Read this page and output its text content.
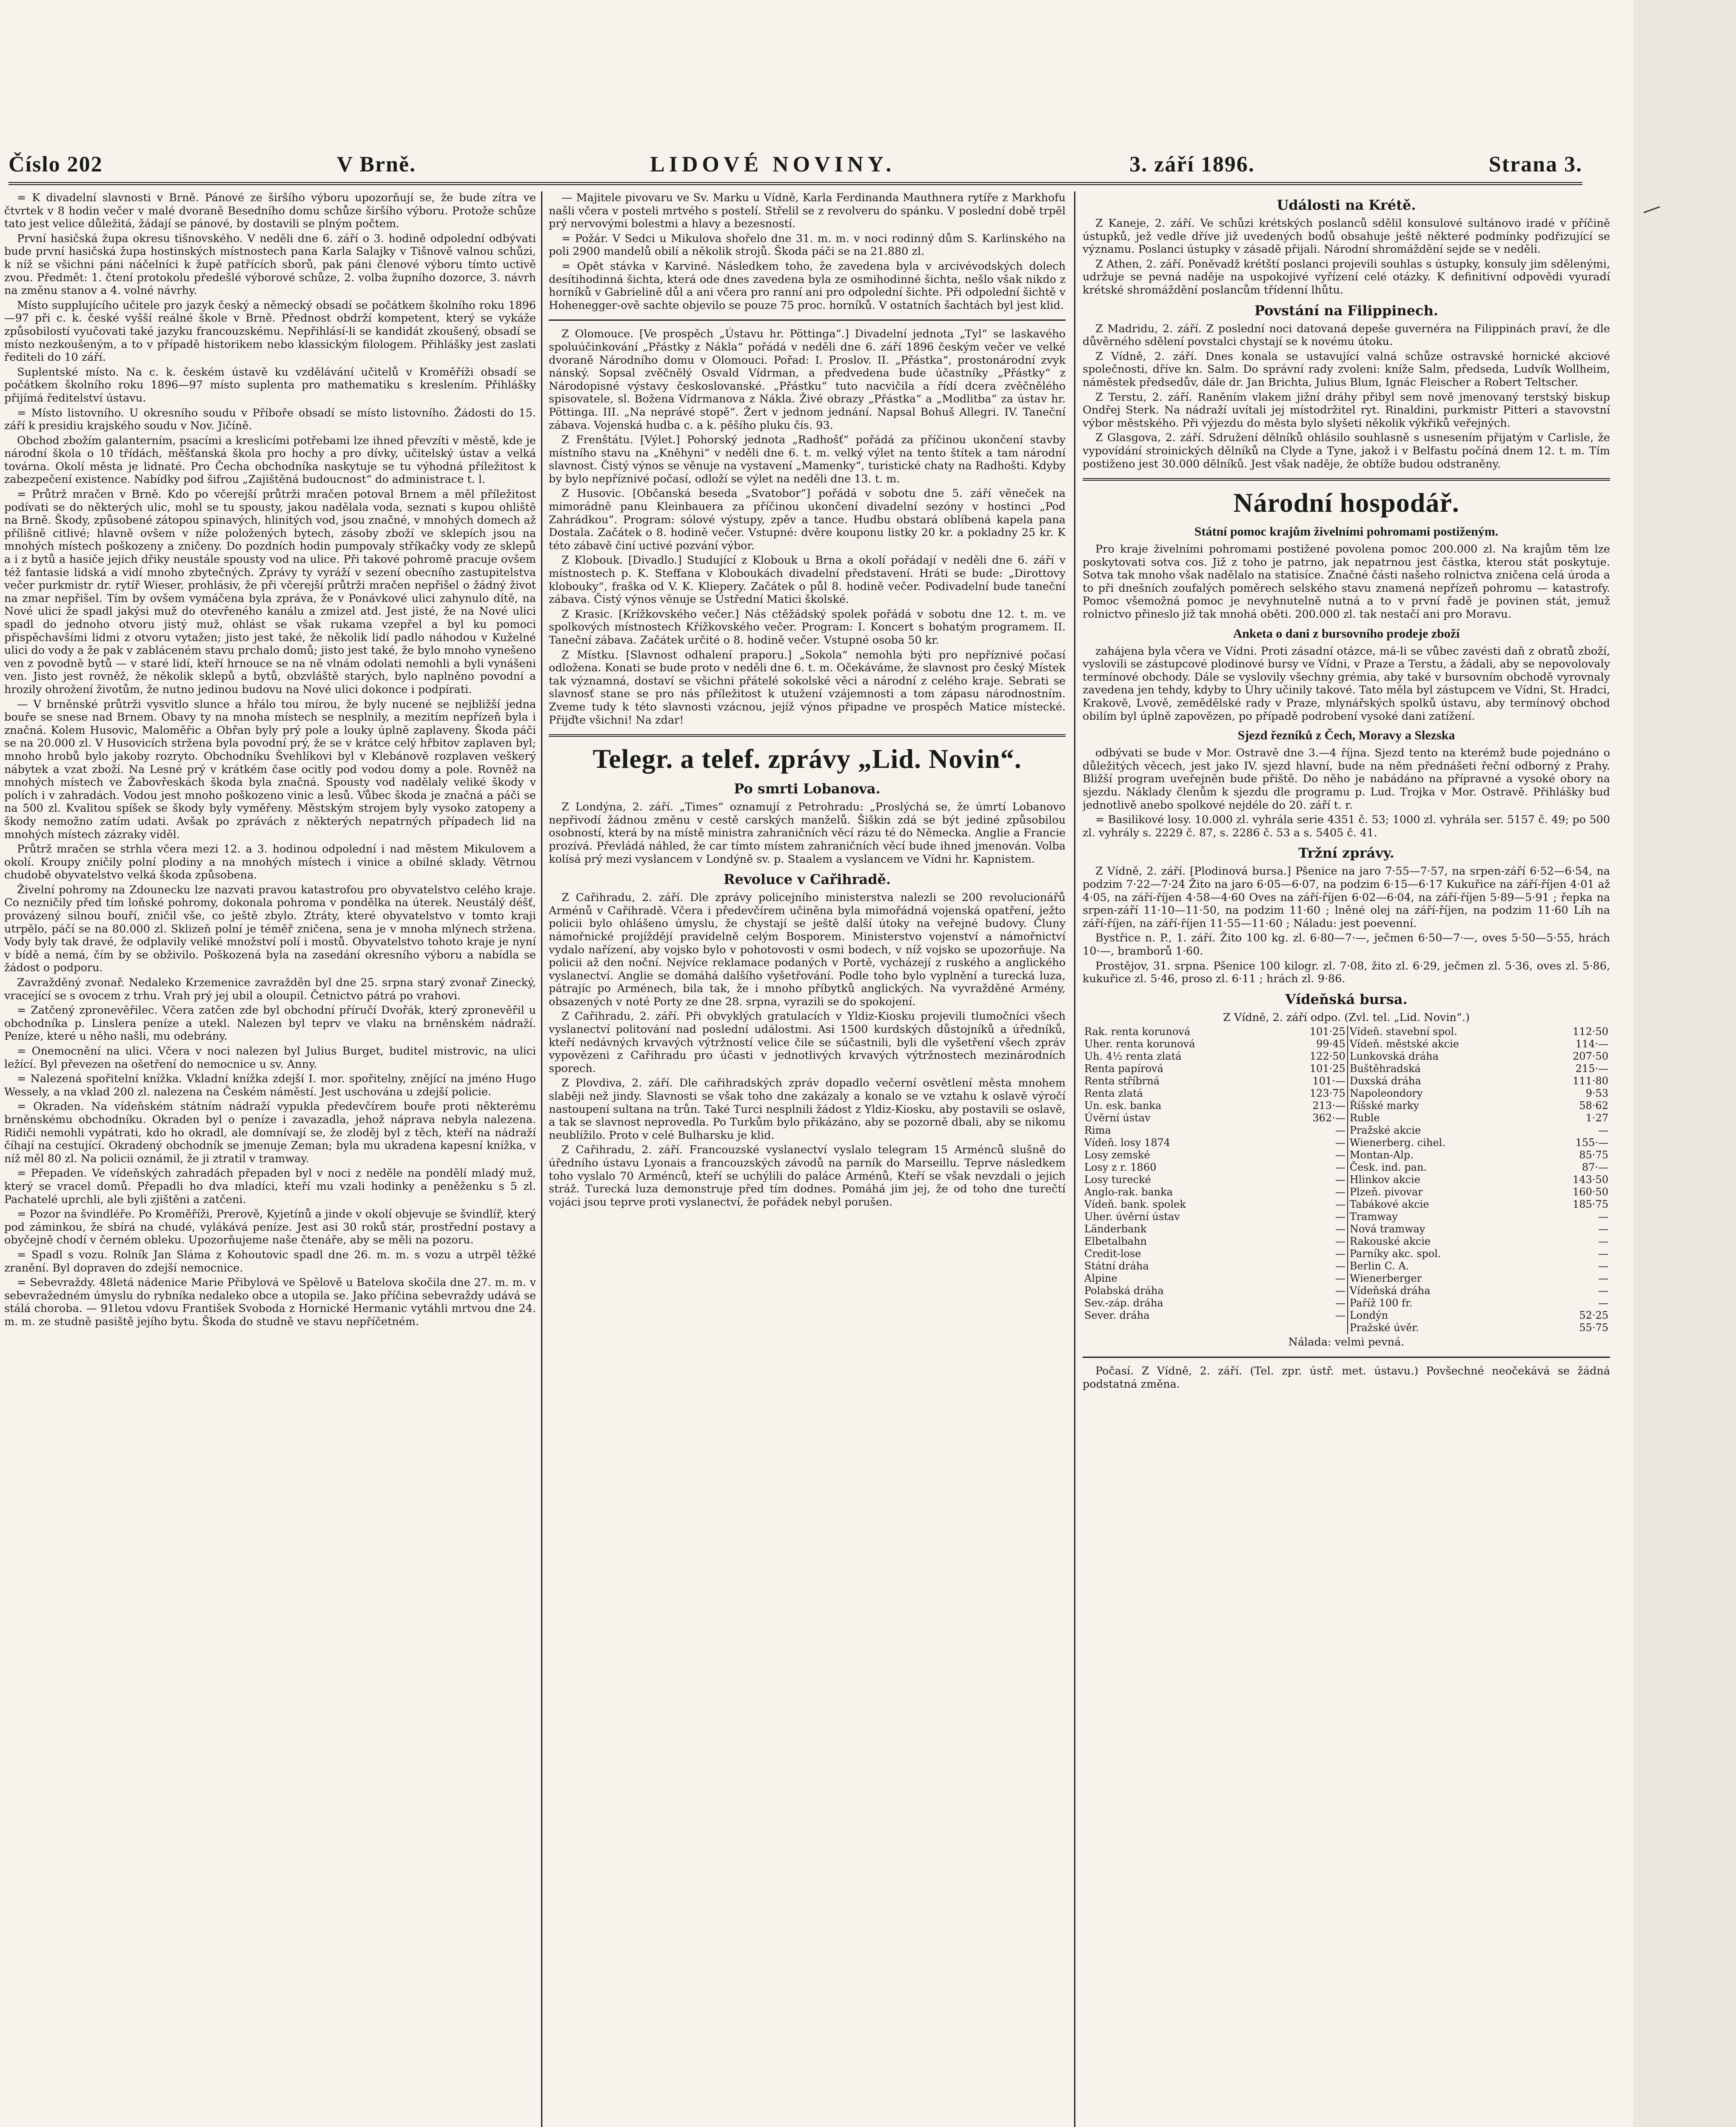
Číslo 202	V Brně.	LIDOVÉ NOVINY.	3. září 1896.	Strana 3.

= K divadelní slavnosti v Brně. Pánové ze širšího výboru upozorňují se, že bude zítra ve čtvrtek v 8 hodin večer v malé dvoraně Besedního domu schůze širšího výboru. Protože schůze tato jest velice důležitá, žádají se pánové, by dostavili se plným počtem.

První hasičská župa okresu tišnovského. V neděli dne 6. září o 3. hodině odpolední odbývati bude první hasičská župa hostinských místnostech pana Karla Salajky v Tišnově valnou schůzi, k níž se všichni páni náčelníci k župě patřících sborů, pak páni členové výboru tímto uctivě zvou. Předmět: 1. čtení protokolu předešlé výborové schůze, 2. volba župního dozorce, 3. návrh na změnu stanov a 4. volné návrhy.

Místo supplujícího učitele pro jazyk český a německý obsadí se počátkem školního roku 1896—97 při c. k. české vyšší reálné škole v Brně. Přednost obdrží kompetent, který se vykáže způsobilostí vyučovati také jazyku francouzskému. Nepřihlásí-li se kandidát zkoušený, obsadí se místo nezkoušeným, a to v případě historikem nebo klassickým filologem. Přihlášky jest zaslati řediteli do 10 září.

Suplentské místo. Na c. k. českém ústavě ku vzdělávání učitelů v Kroměříži obsadí se počátkem školního roku 1896—97 místo suplenta pro mathematiku s kreslením. Přihlášky přijímá ředitelství ústavu.

= Místo listovního. U okresního soudu v Příboře obsadí se místo listovního. Žádosti do 15. září k presidiu krajského soudu v Nov. Jičíně.

Obchod zbožím galanterním, psacími a kreslicími potřebami lze ihned převzíti v městě, kde je národní škola o 10 třídách, měšťanská škola pro hochy a pro dívky, učitelský ústav a velká továrna. Okolí města je lidnaté. Pro Čecha obchodníka naskytuje se tu výhodná příležitost k zabezpečení existence. Nabídky pod šifrou „Zajištěná budoucnost“ do administrace t. l.

= Průtrž mračen v Brně. Kdo po včerejší průtrži mračen potoval Brnem a měl příležitost podívati se do některých ulic, mohl se tu spousty, jakou nadělala voda, seznati s kupou ohliště na Brně. Škody, způsobené zátopou spinavých, hlinitých vod, jsou značné, v mnohých domech až přílišně citlivé; hlavně ovšem v níže položených bytech, zásoby zboží ve sklepích jsou na mnohých místech poškozeny a zničeny. Do pozdních hodin pumpovaly stříkačky vody ze sklepů a i z bytů a hasiče jejich dřiky neustále spousty vod na ulice. Při takové pohromě pracuje ovšem též fantasie lidská a vidí mnoho zbytečných. Zprávy ty vyráží v sezení obecního zastupitelstva večer purkmistr dr. rytíř Wieser, prohlásiv, že při včerejší průtrži mračen nepřišel o žádný život na zmar nepřišel. Tím by ovšem vymáčena byla zpráva, že v Ponávkové ulici zahynulo dítě, na Nové ulici že spadl jakýsi muž do otevřeného kanálu a zmizel atd. Jest jisté, že na Nové ulici spadl do jednoho otvoru jistý muž, ohlást se však rukama vzepřel a byl ku pomoci přispěchavšími lidmi z otvoru vytažen; jisto jest také, že několik lidí padlo náhodou v Kuželné ulici do vody a že pak v zabláceném stavu prchalo domů; jisto jest také, že bylo mnoho vynešeno ven z povodně bytů — v staré lidí, kteří hrnouce se na ně vlnám odolati nemohli a byli vynášeni ven. Jisto jest rovněž, že několik sklepů a bytů, obzvláště starých, bylo naplněno povodní a hrozily ohrožení životům, že nutno jedinou budovu na Nové ulici dokonce i podpírati.

— V brněnské průtrži vysvitlo slunce a hřálo tou mírou, že byly nucené se nejbližší jedna bouře se snese nad Brnem. Obavy ty na mnoha místech se nesplnily, a mezitím nepřízeň byla i značná. Kolem Husovic, Maloměřic a Obřan byly prý pole a louky úplně zaplaveny. Škoda páči se na 20.000 zl. V Husovicích stržena byla povodní prý, že se v krátce celý hřbitov zaplaven byl; mnoho hrobů bylo jakoby rozryto. Obchodníku Švehlíkovi byl v Klebánově rozplaven veškerý nábytek a vzat zboží. Na Lesné prý v krátkém čase ocitly pod vodou domy a pole. Rovněž na mnohých místech ve Žabovřeskách škoda byla značná. Spousty vod nadělaly veliké škody v polích i v zahradách. Vodou jest mnoho poškozeno vinic a lesů. Vůbec škoda je značná a páči se na 500 zl. Kvalitou spíšek se škody byly vyměřeny. Městským strojem byly vysoko zatopeny a škody nemožno zatím udati. Avšak po zprávách z některých nepatrných případech lid na mnohých místech zázraky viděl.

Průtrž mračen se strhla včera mezi 12. a 3. hodinou odpolední i nad městem Mikulovem a okolí. Kroupy zničily polní plodiny a na mnohých místech i vinice a obilné sklady. Větrnou chudobě obyvatelstvo velká škoda způsobena.

Živelní pohromy na Zdounecku lze nazvati pravou katastrofou pro obyvatelstvo celého kraje. Co nezničily před tím loňské pohromy, dokonala pohroma v pondělka na úterek. Neustálý déšť, provázený silnou bouří, zničil vše, co ještě zbylo. Ztráty, které obyvatelstvo v tomto kraji utrpělo, páčí se na 80.000 zl. Sklizeň polní je téměř zničena, sena je v mnoha mlýnech stržena. Vody byly tak dravé, že odplavily veliké množství polí i mostů. Obyvatelstvo tohoto kraje je nyní v bídě a nemá, čím by se obživilo. Poškozená byla na zasedání okresního výboru a nabídla se žádost o podporu.

Zavražděný zvonař. Nedaleko Krzemenice zavražděn byl dne 25. srpna starý zvonař Zinecký, vracející se s ovocem z trhu. Vrah prý jej ubil a oloupil. Četnictvo pátrá po vrahovi.

= Zatčený zpronevěřilec. Včera zatčen zde byl obchodní příručí Dvořák, který zpronevěřil u obchodníka p. Linslera peníze a utekl. Nalezen byl teprv ve vlaku na brněnském nádraží. Peníze, které u něho našli, mu odebrány.

= Onemocnění na ulici. Včera v noci nalezen byl Julius Burget, buditel mistrovic, na ulici ležící. Byl převezen na ošetření do nemocnice u sv. Anny.

= Nalezená spořitelní knížka. Vkladní knížka zdejší I. mor. spořitelny, znějící na jméno Hugo Wessely, a na vklad 200 zl. nalezena na Českém náměstí. Jest uschována u zdejší policie.

= Okraden. Na vídeňském státním nádraží vypukla předevčírem bouře proti některému brněnskému obchodníku. Okraden byl o peníze i zavazadla, jehož náprava nebyla nalezena. Ridiči nemohli vypátrati, kdo ho okradl, ale domnívají se, že zloděj byl z těch, kteří na nádraží číhají na cestující. Okradený obchodník se jmenuje Zeman; byla mu ukradena kapesní knížka, v níž měl 80 zl. Na policii oznámil, že ji ztratil v tramway.

= Přepaden. Ve vídeňských zahradách přepaden byl v noci z neděle na pondělí mladý muž, který se vracel domů. Přepadli ho dva mladíci, kteří mu vzali hodinky a peněženku s 5 zl. Pachatelé uprchli, ale byli zjištěni a zatčeni.

= Pozor na švindléře. Po Kroměříži, Prerově, Kyjetínů a jinde v okolí objevuje se švindlíř, který pod záminkou, že sbírá na chudé, vylákává peníze. Jest asi 30 roků stár, prostřední postavy a obyčejně chodí v černém obleku. Upozorňujeme naše čtenáře, aby se měli na pozoru.

= Spadl s vozu. Rolník Jan Sláma z Kohoutovic spadl dne 26. m. m. s vozu a utrpěl těžké zranění. Byl dopraven do zdejší nemocnice.

= Sebevraždy. 48letá nádenice Marie Přibylová ve Spělově u Batelova skočila dne 27. m. m. v sebevražedném úmyslu do rybníka nedaleko obce a utopila se. Jako příčina sebevraždy udává se stálá choroba. — 91letou vdovu František Svoboda z Hornické Hermanic vytáhli mrtvou dne 24. m. m. ze studně pasiště jejího bytu. Škoda do studně ve stavu nepříčetném.

— Majitele pivovaru ve Sv. Marku u Vídně, Karla Ferdinanda Mauthnera rytíře z Markhofu našli včera v posteli mrtvého s postelí. Střelil se z revolveru do spánku. V poslední době trpěl prý nervovými bolestmi a hlavy a bezesností.

= Požár. V Sedci u Mikulova shořelo dne 31. m. m. v noci rodinný dům S. Karlinského na poli 2900 mandelů obilí a několik strojů. Škoda páči se na 21.880 zl.

= Opět stávka v Karviné. Následkem toho, že zavedena byla v arcivévodských dolech desítihodinná šichta, která ode dnes zavedena byla ze osmihodinné šichta, nešlo však nikdo z horníků v Gabrielině důl a ani včera pro ranní ani pro odpolední šichte. Při odpolední šichtě v Hohenegger-ově sachte objevilo se pouze 75 proc. horníků. V ostatních šachtách byl jest klid.

Z Olomouce. [Ve prospěch „Ústavu hr. Pöttinga“.] Divadelní jednota „Tyl“ se laskavého spoluúčinkování „Přástky z Nákla“ pořádá v neděli dne 6. září 1896 českým večer ve velké dvoraně Národního domu v Olomouci. Pořad: I. Proslov. II. „Přástka“, prostonárodní zvyk nánský. Sopsal zvěčnělý Osvald Vídrman, a předvedena bude účastníky „Přástky“ z Národopisné výstavy českoslovanské. „Přástku“ tuto nacvičila a řídí dcera zvěčnělého spisovatele, sl. Božena Vídrmanova z Nákla. Živé obrazy „Přástka“ a „Modlitba“ za ústav hr. Pöttinga. III. „Na neprávé stopě“. Žert v jednom jednání. Napsal Bohuš Allegri. IV. Taneční zábava. Vojenská hudba c. a k. pěšího pluku čís. 93.

Z Frenštátu. [Výlet.] Pohorský jednota „Radhošť“ pořádá za příčinou ukončení stavby místního stavu na „Kněhyni“ v neděli dne 6. t. m. velký výlet na tento štítek a tam národní slavnost. Čistý výnos se věnuje na vystavení „Mamenky“, turistické chaty na Radhošti. Kdyby by bylo nepříznivé počasí, odloží se výlet na neděli dne 13. t. m.

Z Husovic. [Občanská beseda „Svatobor“] pořádá v sobotu dne 5. září věneček na mimorádně panu Kleinbauera za příčinou ukončení divadelní sezóny v hostinci „Pod Zahrádkou“. Program: sólové výstupy, zpěv a tance. Hudbu obstará oblíbená kapela pana Dostala. Začátek o 8. hodině večer. Vstupné: dvěre kouponu listky 20 kr. a pokladny 25 kr. K této zábavě činí uctivé pozvání výbor.

Z Klobouk. [Divadlo.] Studující z Klobouk u Brna a okolí pořádají v neděli dne 6. září v místnostech p. K. Steffana v Kloboukách divadelní představení. Hráti se bude: „Dirottovy klobouky“, fraška od V. K. Kliepery. Začátek o půl 8. hodině večer. Podivadelní bude taneční zábava. Čistý výnos věnuje se Ústřední Matici školské.

Z Krasic. [Krížkovského večer.] Nás ctěžádský spolek pořádá v sobotu dne 12. t. m. ve spolkových místnostech Křížkovského večer. Program: I. Koncert s bohatým programem. II. Taneční zábava. Začátek určité o 8. hodině večer. Vstupné osoba 50 kr.

Z Místku. [Slavnost odhalení praporu.] „Sokola“ nemohla býti pro nepříznivé počasí odložena. Konati se bude proto v neděli dne 6. t. m. Očekáváme, že slavnost pro český Místek tak významná, dostaví se všichni přátelé sokolské věci a národní z celého kraje. Sebrati se slavnosť stane se pro nás příležitost k utužení vzájemnosti a tom zápasu národnostním. Zveme tudy k této slavnosti vzácnou, jejíž výnos připadne ve prospěch Matice místecké. Přijďte všichni! Na zdar!

Telegr. a telef. zprávy „Lid. Novin“.
Po smrti Lobanova.

Z Londýna, 2. září. „Times“ oznamují z Petrohradu: „Proslýchá se, že úmrtí Lobanovo nepřivodí žádnou změnu v cestě carských manželů. Šiškin zdá se být jediné způsobilou osobností, která by na místě ministra zahraničních věcí rázu té do Německa. Anglie a Francie prozívá. Převládá náhled, že car tímto místem zahraničních věcí bude ihned jmenován. Volba kolísá prý mezi vyslancem v Londýně sv. p. Staalem a vyslancem ve Vídni hr. Kapnistem.

Revoluce v Cařihradě.

Z Cařihradu, 2. září. Dle zprávy policejního ministerstva nalezli se 200 revolucionářů Arménů v Cařihradě. Včera i předevčírem učiněna byla mimořádná vojenská opatření, ježto policii bylo ohlášeno úmyslu, že chystají se ještě další útoky na veřejné budovy. Čluny námořnické projíždějí pravidelně celým Bosporem. Ministerstvo vojenství a námořnictví vydalo nařízení, aby vojsko bylo v pohotovosti v osmi bodech, v níž vojsko se upozorňuje. Na policii až den noční. Nejvíce reklamace podaných v Portě, vycházejí z ruského a anglického vyslanectví. Anglie se domáhá dalšího vyšetřování. Podle toho bylo vyplnění a turecká luza, pátrajíc po Arménech, bila tak, že i mnoho příbytků anglických. Na vyvražděné Armény, obsazených v noté Porty ze dne 28. srpna, vyrazili se do spokojení.

Z Cařihradu, 2. září. Při obvyklých gratulacích v Yldiz-Kiosku projevili tlumočníci všech vyslanectví politování nad poslední událostmi. Asi 1500 kurdských důstojníků a úředníků, kteří nedávných krvavých výtržností velice čile se súčastnili, byli dle vyšetření všech zpráv vypovězeni z Cařihradu pro účasti v jednotlivých krvavých výtržnostech mezinárodních sporech.

Z Plovdiva, 2. září. Dle cařihradských zpráv dopadlo večerní osvětlení města mnohem slaběji než jindy. Slavnosti se však toho dne zakázaly a konalo se ve vztahu k oslavě výročí nastoupení sultana na trůn. Také Turci nesplnili žádost z Yldiz-Kiosku, aby postavili se oslavě, a tak se slavnost neprovedla. Po Turkům bylo přikázáno, aby se pozorně dbali, aby se nikomu neublížilo. Proto v celé Bulharsku je klid.

Z Cařihradu, 2. září. Francouzské vyslanectví vyslalo telegram 15 Arménců slušně do úředního ústavu Lyonais a francouzských závodů na parník do Marseillu. Teprve následkem toho vyslalo 70 Arménců, kteří se uchýlili do paláce Arménů, Kteří se však nevzdali o jejich stráž. Turecká luza demonstruje před tím dodnes. Pomáhá jim jej, že od toho dne turečtí vojáci jsou teprve proti vyslanectví, že pořádek nebyl porušen.

Události na Krétě.

Z Kaneje, 2. září. Ve schůzi krétských poslanců sdělil konsulové sultánovo iradé v příčině ústupků, jež vedle dříve již uvedených bodů obsahuje ještě některé podmínky podřizující se významu. Poslanci ústupky v zásadě přijali. Národní shromáždění sejde se v neděli.

Z Athen, 2. září. Poněvadž krétští poslanci projevili souhlas s ústupky, konsuly jim sdělenými, udržuje se pevná naděje na uspokojivé vyřízení celé otázky. K definitivní odpovědi vyuradí krétské shromáždění poslancům třídenní lhůtu.

Povstání na Filippinech.

Z Madridu, 2. září. Z poslední noci datovaná depeše guvernéra na Filippinách praví, že dle důvěrného sdělení povstalci chystají se k novému útoku.

Z Vídně, 2. září. Dnes konala se ustavující valná schůze ostravské hornické akciové společnosti, dříve kn. Salm. Do správní rady zvoleni: kníže Salm, předseda, Ludvík Wollheim, náměstek předsedův, dále dr. Jan Brichta, Julius Blum, Ignác Fleischer a Robert Teltscher.

Z Terstu, 2. září. Raněním vlakem jižní dráhy přibyl sem nově jmenovaný terstský biskup Ondřej Sterk. Na nádraží uvítali jej místodržitel ryt. Rinaldini, purkmistr Pitteri a stavovstní výbor městského. Při výjezdu do města bylo slyšeti několik výkřiků veřejných.

Z Glasgova, 2. září. Sdružení dělníků ohlásilo souhlasně s usnesením přijatým v Carlisle, že vypovídání stroinických dělníků na Clyde a Tyne, jakož i v Belfastu počíná dnem 12. t. m. Tím postiženo jest 30.000 dělníků. Jest však naděje, že obtíže budou odstraněny.

Národní hospodář.
Státní pomoc krajům živelními pohromami postiženým.

Pro kraje živelními pohromami postižené povolena pomoc 200.000 zl. Na krajům těm lze poskytovati sotva cos. Již z toho je patrno, jak nepatrnou jest částka, kterou stát poskytuje. Sotva tak mnoho však nadělalo na statisíce. Značné části našeho rolnictva zničena celá úroda a to při dnešních zoufalých poměrech selského stavu znamená nepřízeň pohromu — katastrofy. Pomoc všemožná pomoc je nevyhnutelně nutná a to v první řadě je povinen stát, jemuž rolnictvo přineslo již tak mnohá oběti. 200.000 zl. tak nestačí ani pro Moravu.

Anketa o dani z bursovního prodeje zboží

zahájena byla včera ve Vídni. Proti zásadní otázce, má-li se vůbec zavésti daň z obratů zboží, vyslovili se zástupcové plodinové bursy ve Vídni, v Praze a Terstu, a žádali, aby se nepovolovaly termínové obchody. Dále se vyslovily všechny grémia, aby také v bursovním obchodě vyrovnaly zavedena jen tehdy, kdyby to Úhry učinily takové. Tato měla byl zástupcem ve Vídni, St. Hradci, Krakově, Lvově, zemědělské rady v Praze, mlynářských spolků ústavu, aby termínový obchod obilím byl úplně zapovězen, po případě podrobení vysoké dani zatížení.

Sjezd řezníků z Čech, Moravy a Slezska

odbývati se bude v Mor. Ostravě dne 3.—4 října. Sjezd tento na kterémž bude pojednáno o důležitých věcech, jest jako IV. sjezd hlavní, bude na něm přednášeti řeční odborný z Prahy. Bližší program uveřejněn bude přiště. Do něho je nabádáno na přípravné a vysoké obory na sjezdu. Náklady členům k sjezdu dle programu p. Lud. Trojka v Mor. Ostravě. Přihlášky buď jednotlivě anebo spolkové nejdéle do 20. září t. r.

= Basilikové losy. 10.000 zl. vyhrála serie 4351 č. 53; 1000 zl. vyhrála ser. 5157 č. 49; po 500 zl. vyhrály s. 2229 č. 87, s. 2286 č. 53 a s. 5405 č. 41.

Tržní zprávy.

Z Vídně, 2. září. [Plodinová bursa.] Pšenice na jaro 7·55—7·57, na srpen-září 6·52—6·54, na podzim 7·22—7·24 Žito na jaro 6·05—6·07, na podzim 6·15—6·17 Kukuřice na září-říjen 4·01 až 4·05, na září-říjen 4·58—4·60 Oves na září-říjen 6·02—6·04, na září-říjen 5·89—5·91 ; řepka na srpen-září 11·10—11·50, na podzim 11·60 ; lněné olej na září-říjen, na podzim 11·60 Líh na září-říjen, na září-říjen 11·55—11·60 ; Náladu: jest poevenní.

Bystřice n. P., 1. září. Žito 100 kg. zl. 6·80—7·—, ječmen 6·50—7·—, oves 5·50—5·55, hrách 10·—, bramborů 1·60.

Prostějov, 31. srpna. Pšenice 100 kilogr. zl. 7·08, žito zl. 6·29, ječmen zl. 5·36, oves zl. 5·86, kukuřice zl. 5·46, proso zl. 6·11 ; hrách zl. 9·86.

Vídeňská bursa.

Z Vídně, 2. září odpo. (Zvl. tel. „Lid. Novin“.)

Rak. renta korunová	101·25	Vídeň. stavební spol.	112·50
Uher. renta korunová	99·45	Vídeň. městské akcie	114·—
Uh. 4½ renta zlatá	122·50	Lunkovská dráha	207·50
Renta papírová	101·25	Buštěhradská	215·—
Renta stříbrná	101·—	Duxská dráha	111·80
Renta zlatá	123·75	Napoleondory	9·53
Un. esk. banka	213·—	Říšské marky	58·62
Úvěrní ústav	362·—	Ruble	1·27
Rima	—	Pražské akcie	—
Vídeň. losy 1874	—	Wienerberg. cihel.	155·—
Losy zemské	—	Montan-Alp.	85·75
Losy z r. 1860	—	Česk. ind. pan.	87·—
Losy turecké	—	Hlinkov akcie	143·50
Anglo-rak. banka	—	Plzeň. pivovar	160·50
Vídeň. bank. spolek	—	Tabákové akcie	185·75
Uher. úvěrní ústav	—	Tramway	—
Länderbank	—	Nová tramway	—
Elbetalbahn	—	Rakouské akcie	—
Credit-lose	—	Parníky akc. spol.	—
Státní dráha	—	Berlin C. A.	—
Alpine	—	Wienerberger	—
Polabská dráha	—	Vídeňská dráha	—
Sev.-záp. dráha	—	Paříž 100 fr.	—
Sever. dráha	—	Londýn	52·25
		Pražské úvěr.	55·75

Nálada: velmi pevná.

Počasí. Z Vídně, 2. září. (Tel. zpr. ústř. met. ústavu.) Povšechné neočekává se žádná podstatná změna.
